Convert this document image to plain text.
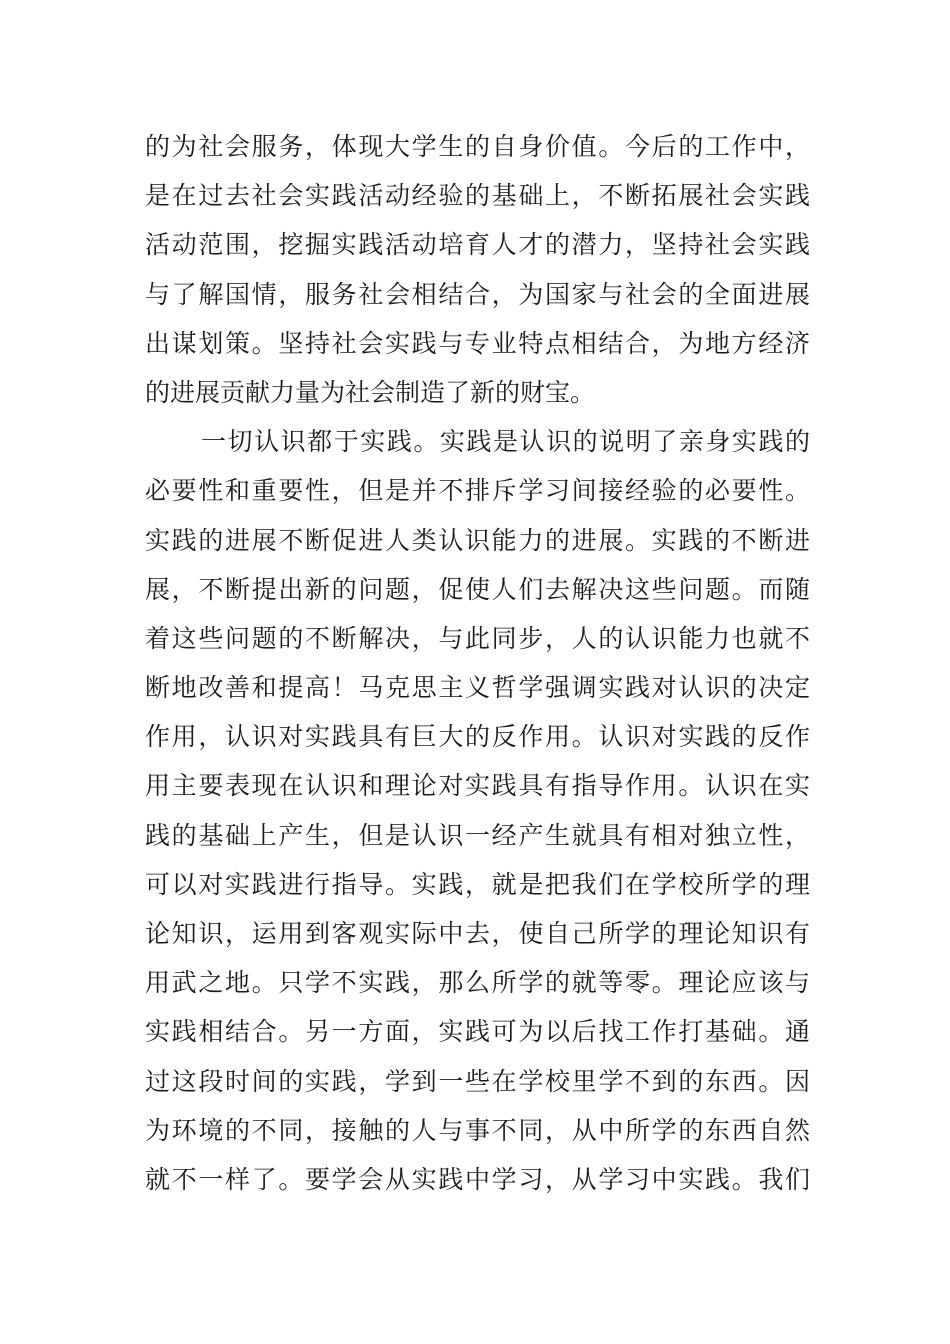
的为社会服务，体现大学生的自身价值。今后的工作中，
是在过去社会实践活动经验的基础上，不断拓展社会实践
活动范围，挖掘实践活动培育人才的潜力，坚持社会实践
与了解国情，服务社会相结合，为国家与社会的全面进展
出谋划策。坚持社会实践与专业特点相结合，为地方经济
的进展贡献力量为社会制造了新的财宝。
一切认识都于实践。实践是认识的说明了亲身实践的
必要性和重要性，但是并不排斥学习间接经验的必要性。
实践的进展不断促进人类认识能力的进展。实践的不断进
展，不断提出新的问题，促使人们去解决这些问题。而随
着这些问题的不断解决，与此同步，人的认识能力也就不
断地改善和提高！马克思主义哲学强调实践对认识的决定
作用，认识对实践具有巨大的反作用。认识对实践的反作
用主要表现在认识和理论对实践具有指导作用。认识在实
践的基础上产生，但是认识一经产生就具有相对独立性，
可以对实践进行指导。实践，就是把我们在学校所学的理
论知识，运用到客观实际中去，使自己所学的理论知识有
用武之地。只学不实践，那么所学的就等零。理论应该与
实践相结合。另一方面，实践可为以后找工作打基础。通
过这段时间的实践，学到一些在学校里学不到的东西。因
为环境的不同，接触的人与事不同，从中所学的东西自然
就不一样了。要学会从实践中学习，从学习中实践。我们
